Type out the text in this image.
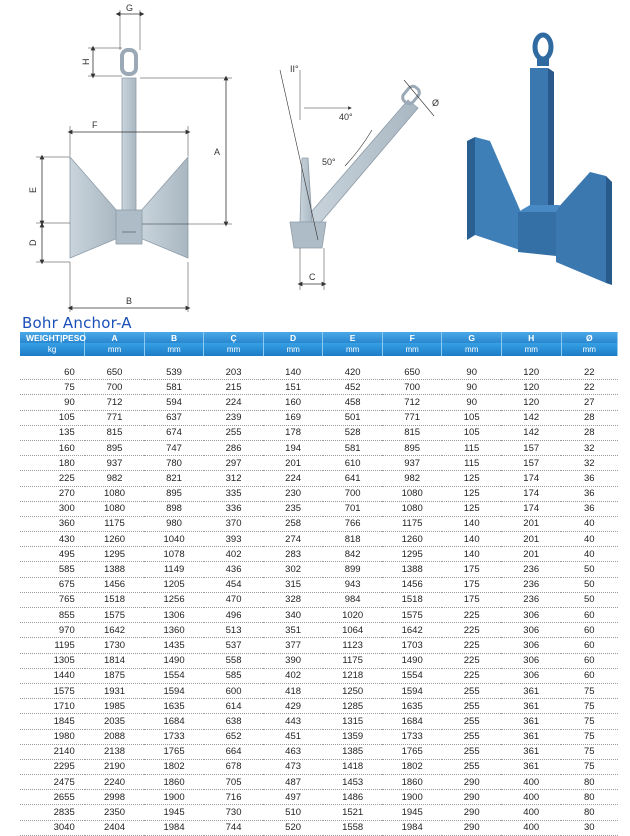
G
H
F
A
E
D
B
II°
40°
50°
Ø
C
Bohr Anchor-A
WEIGHT|PESO	A	B	Ç	D	E	F	G	H	Ø
kg	mm	mm	mm	mm	mm	mm	mm	mm	mm

60	650	539	203	140	420	650	90	120	22
75	700	581	215	151	452	700	90	120	22
90	712	594	224	160	458	712	90	120	27
105	771	637	239	169	501	771	105	142	28
135	815	674	255	178	528	815	105	142	28
160	895	747	286	194	581	895	115	157	32
180	937	780	297	201	610	937	115	157	32
225	982	821	312	224	641	982	125	174	36
270	1080	895	335	230	700	1080	125	174	36
300	1080	898	336	235	701	1080	125	174	36
360	1175	980	370	258	766	1175	140	201	40
430	1260	1040	393	274	818	1260	140	201	40
495	1295	1078	402	283	842	1295	140	201	40
585	1388	1149	436	302	899	1388	175	236	50
675	1456	1205	454	315	943	1456	175	236	50
765	1518	1256	470	328	984	1518	175	236	50
855	1575	1306	496	340	1020	1575	225	306	60
970	1642	1360	513	351	1064	1642	225	306	60
1195	1730	1435	537	377	1123	1703	225	306	60
1305	1814	1490	558	390	1175	1490	225	306	60
1440	1875	1554	585	402	1218	1554	225	306	60
1575	1931	1594	600	418	1250	1594	255	361	75
1710	1985	1635	614	429	1285	1635	255	361	75
1845	2035	1684	638	443	1315	1684	255	361	75
1980	2088	1733	652	451	1359	1733	255	361	75
2140	2138	1765	664	463	1385	1765	255	361	75
2295	2190	1802	678	473	1418	1802	255	361	75
2475	2240	1860	705	487	1453	1860	290	400	80
2655	2998	1900	716	497	1486	1900	290	400	80
2835	2350	1945	730	510	1521	1945	290	400	80
3040	2404	1984	744	520	1558	1984	290	400	30
